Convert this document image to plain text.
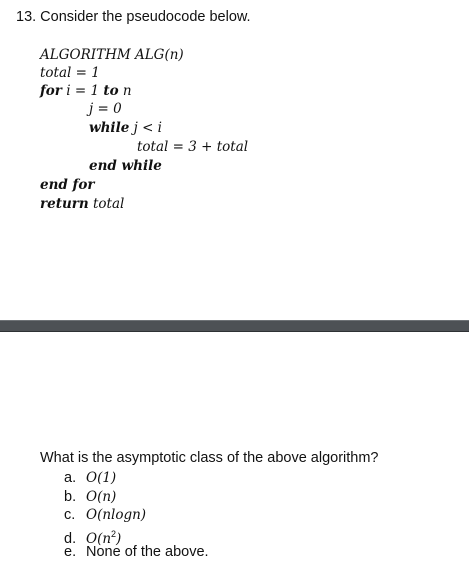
13. Consider the pseudocode below.
ALGORITHM ALG(n)
total = 1
for i = 1 to n
j = 0
while j < i
total = 3 + total
end while
end for
return total
What is the asymptotic class of the above algorithm?
a. O(1)
b. O(n)
c. O(nlogn)
d. $O(n^2)$
e. None of the above.
